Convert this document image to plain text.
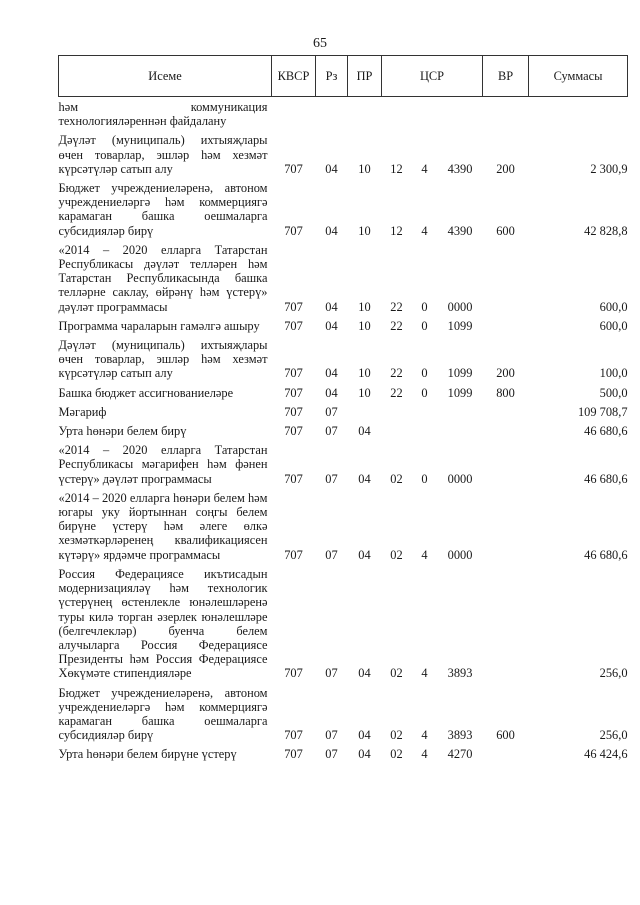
65
Исеме	КВСР	Рз	ПР	ЦСР			ВР	Суммасы
һәм коммуникация технологияләреннән файдалану								
Дәүләт (муниципаль) ихтыяҗлары өчен товарлар, эшләр һәм хезмәт күрсәтүләр сатып алу	707	04	10	12	4	4390	200	2 300,9
Бюджет учреждениеләренә, автоном учреждениеләргә һәм коммерциягә карамаган башка оешмаларга субсидияләр бирү	707	04	10	12	4	4390	600	42 828,8
«2014 – 2020 елларга Татарстан Республикасы дәүләт телләрен һәм Татарстан Республикасында башка телләрне саклау, өйрәнү һәм үстерү» дәүләт программасы	707	04	10	22	0	0000		600,0
Программа чараларын гамәлгә ашыру	707	04	10	22	0	1099		600,0
Дәүләт (муниципаль) ихтыяҗлары өчен товарлар, эшләр һәм хезмәт күрсәтүләр сатып алу	707	04	10	22	0	1099	200	100,0
Башка бюджет ассигнованиеләре	707	04	10	22	0	1099	800	500,0
Мәгариф	707	07						109 708,7
Урта һөнәри белем бирү	707	07	04					46 680,6
«2014 – 2020 елларга Татарстан Республикасы мәгарифен һәм фәнен үстерү» дәүләт программасы	707	07	04	02	0	0000		46 680,6
«2014 – 2020 елларга һөнәри белем һәм югары уку йортыннан соңгы белем бирүне үстерү һәм әлеге өлкә хезмәткәрләренең квалификациясен күтәрү» ярдәмче программасы	707	07	04	02	4	0000		46 680,6
Россия Федерациясе икътисадын модернизацияләү һәм технологик үстерүнең өстенлекле юнәлешләренә туры килә торган әзерлек юнәлешләре (белгечлекләр) буенча белем алучыларга Россия Федерациясе Президенты һәм Россия Федерациясе Хөкүмәте стипендияләре	707	07	04	02	4	3893		256,0
Бюджет учреждениеләренә, автоном учреждениеләргә һәм коммерциягә карамаган башка оешмаларга субсидияләр бирү	707	07	04	02	4	3893	600	256,0
Урта һөнәри белем бирүне үстерү	707	07	04	02	4	4270		46 424,6
